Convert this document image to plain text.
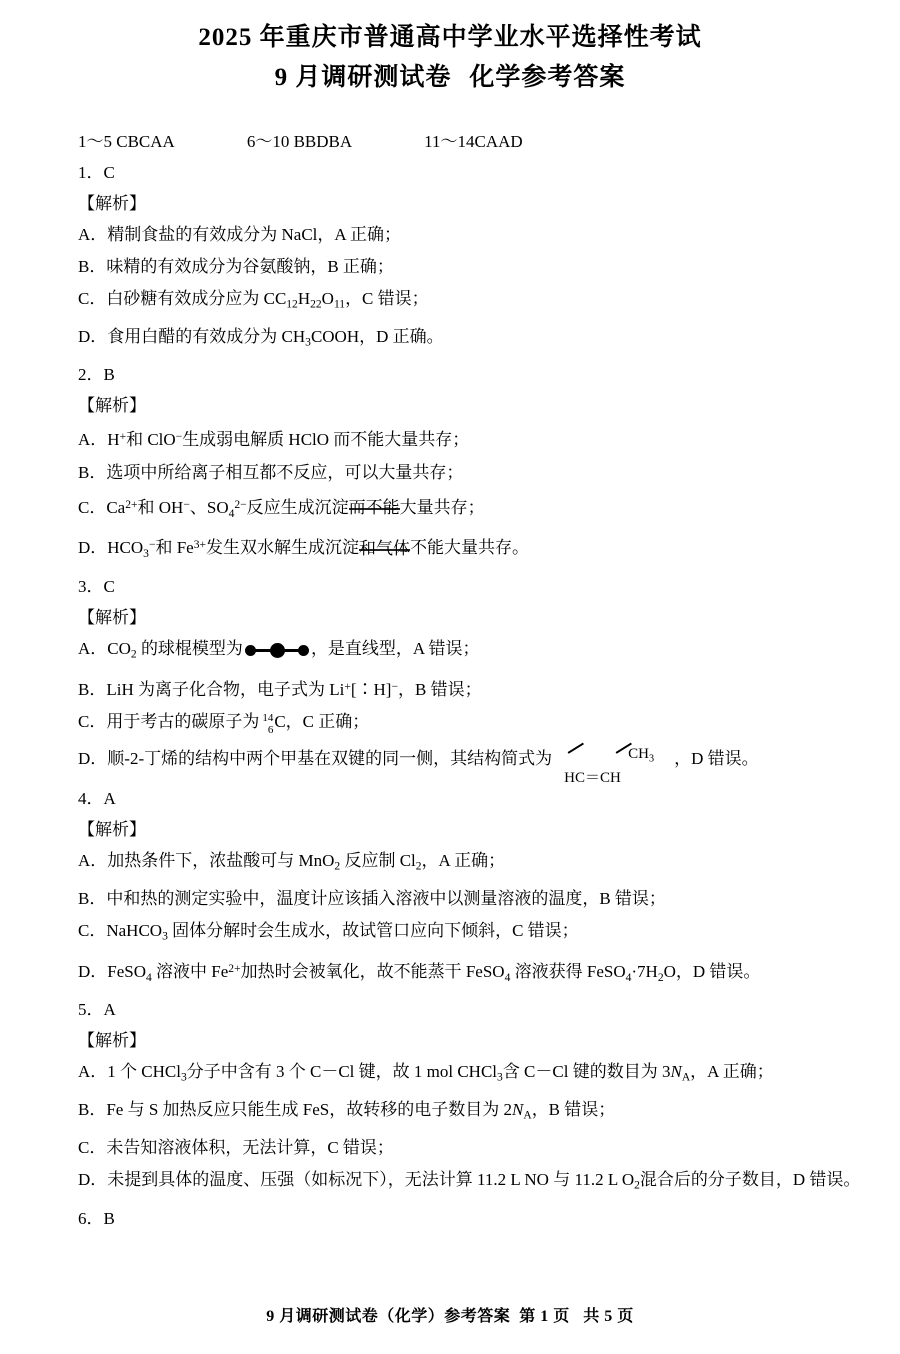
2025 年重庆市普通高中学业水平选择性考试
9 月调研测试卷 化学参考答案
1～5 CBCAA	6～10 BBDBA	11～14CAAD
1．C
【解析】
A．精制食盐的有效成分为 NaCl，A 正确；
B．味精的有效成分为谷氨酸钠，B 正确；
C．白砂糖有效成分应为 $CC_{12}H_{22}O_{11}$，C 错误；
D．食用白醋的有效成分为 $CH_3COOH$，D 正确。
2．B
【解析】
A．H+和 ClO−生成弱电解质 HClO 而不能大量共存；
B．选项中所给离子相互都不反应，可以大量共存；
C．$Ca^{2+}$和 OH−、$SO_4^{2-}$反应生成沉淀	大量共存；
D．$HCO_3^-$和 $Fe^{3+}$发生双水解生成沉淀	不能大量共存。
3．C
【解析】
A．$CO_2$ 的球棍模型为	，是直线型，A 错误；
B．LiH 为离子化合物，电子式为 Li+[∶H]−，B 错误；
C．用于考古的碳原子为 14
6 C，C 正确；
D．顺-2-丁烯的结构中两个甲基在双键的同一侧，其结构简式为	$CH_3$
HC＝CH
，D 错误。
4．A
【解析】
A．加热条件下，浓盐酸可与 MnO$_2$ 反应制 $Cl_2$，A 正确；
B．中和热的测定实验中，温度计应该插入溶液中以测量溶液的温度，B 错误；
C．NaHCO$_3$ 固体分解时会生成水，故试管口应向下倾斜，C 错误；
D．FeSO$_4$ 溶液中 $Fe^{2+}$加热时会被氧化，故不能蒸干 FeSO$_4$ 溶液获得 $FeSO_4\cdot 7H_2O$，D 错误。
5．A
【解析】
A．1 个 CHCl$_3$分子中含有 3 个 C－Cl 键，故 1 mol CHCl$_3$含 C－Cl 键的数目为 $3N_A$，A 正确；
B．Fe 与 S 加热反应只能生成 FeS，故转移的电子数目为 $2N_A$，B 错误；
C．未告知溶液体积，无法计算，C 错误；
D．未提到具体的温度、压强（如标况下），无法计算 11.2 L NO 与 11.2 L $O_2$混合后的分子数目，D 错误。
6．B
9 月调研测试卷（化学）参考答案 第 1 页 共 5 页
